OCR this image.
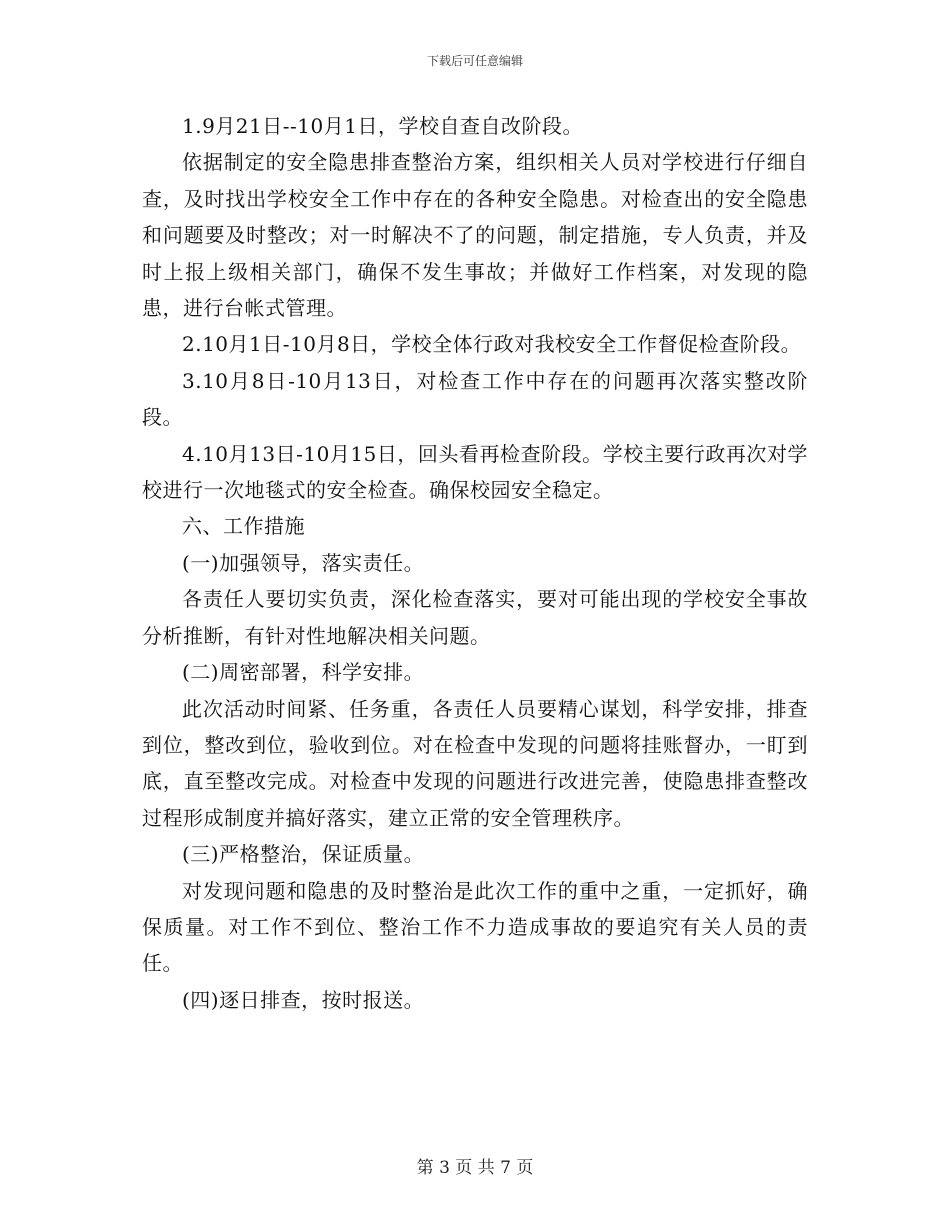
下载后可任意编辑

1.9月21日--10月1日，学校自查自改阶段。

依据制定的安全隐患排查整治方案，组织相关人员对学校进行仔细自查，及时找出学校安全工作中存在的各种安全隐患。对检查出的安全隐患和问题要及时整改；对一时解决不了的问题，制定措施，专人负责，并及时上报上级相关部门，确保不发生事故；并做好工作档案，对发现的隐患，进行台帐式管理。

2.10月1日-10月8日，学校全体行政对我校安全工作督促检查阶段。

3.10月8日-10月13日，对检查工作中存在的问题再次落实整改阶段。

4.10月13日-10月15日，回头看再检查阶段。学校主要行政再次对学校进行一次地毯式的安全检查。确保校园安全稳定。

六、工作措施

(一)加强领导，落实责任。

各责任人要切实负责，深化检查落实，要对可能出现的学校安全事故分析推断，有针对性地解决相关问题。

(二)周密部署，科学安排。

此次活动时间紧、任务重，各责任人员要精心谋划，科学安排，排查到位，整改到位，验收到位。对在检查中发现的问题将挂账督办，一盯到底，直至整改完成。对检查中发现的问题进行改进完善，使隐患排查整改过程形成制度并搞好落实，建立正常的安全管理秩序。

(三)严格整治，保证质量。

对发现问题和隐患的及时整治是此次工作的重中之重，一定抓好，确保质量。对工作不到位、整治工作不力造成事故的要追究有关人员的责任。

(四)逐日排查，按时报送。

第 3 页 共 7 页
